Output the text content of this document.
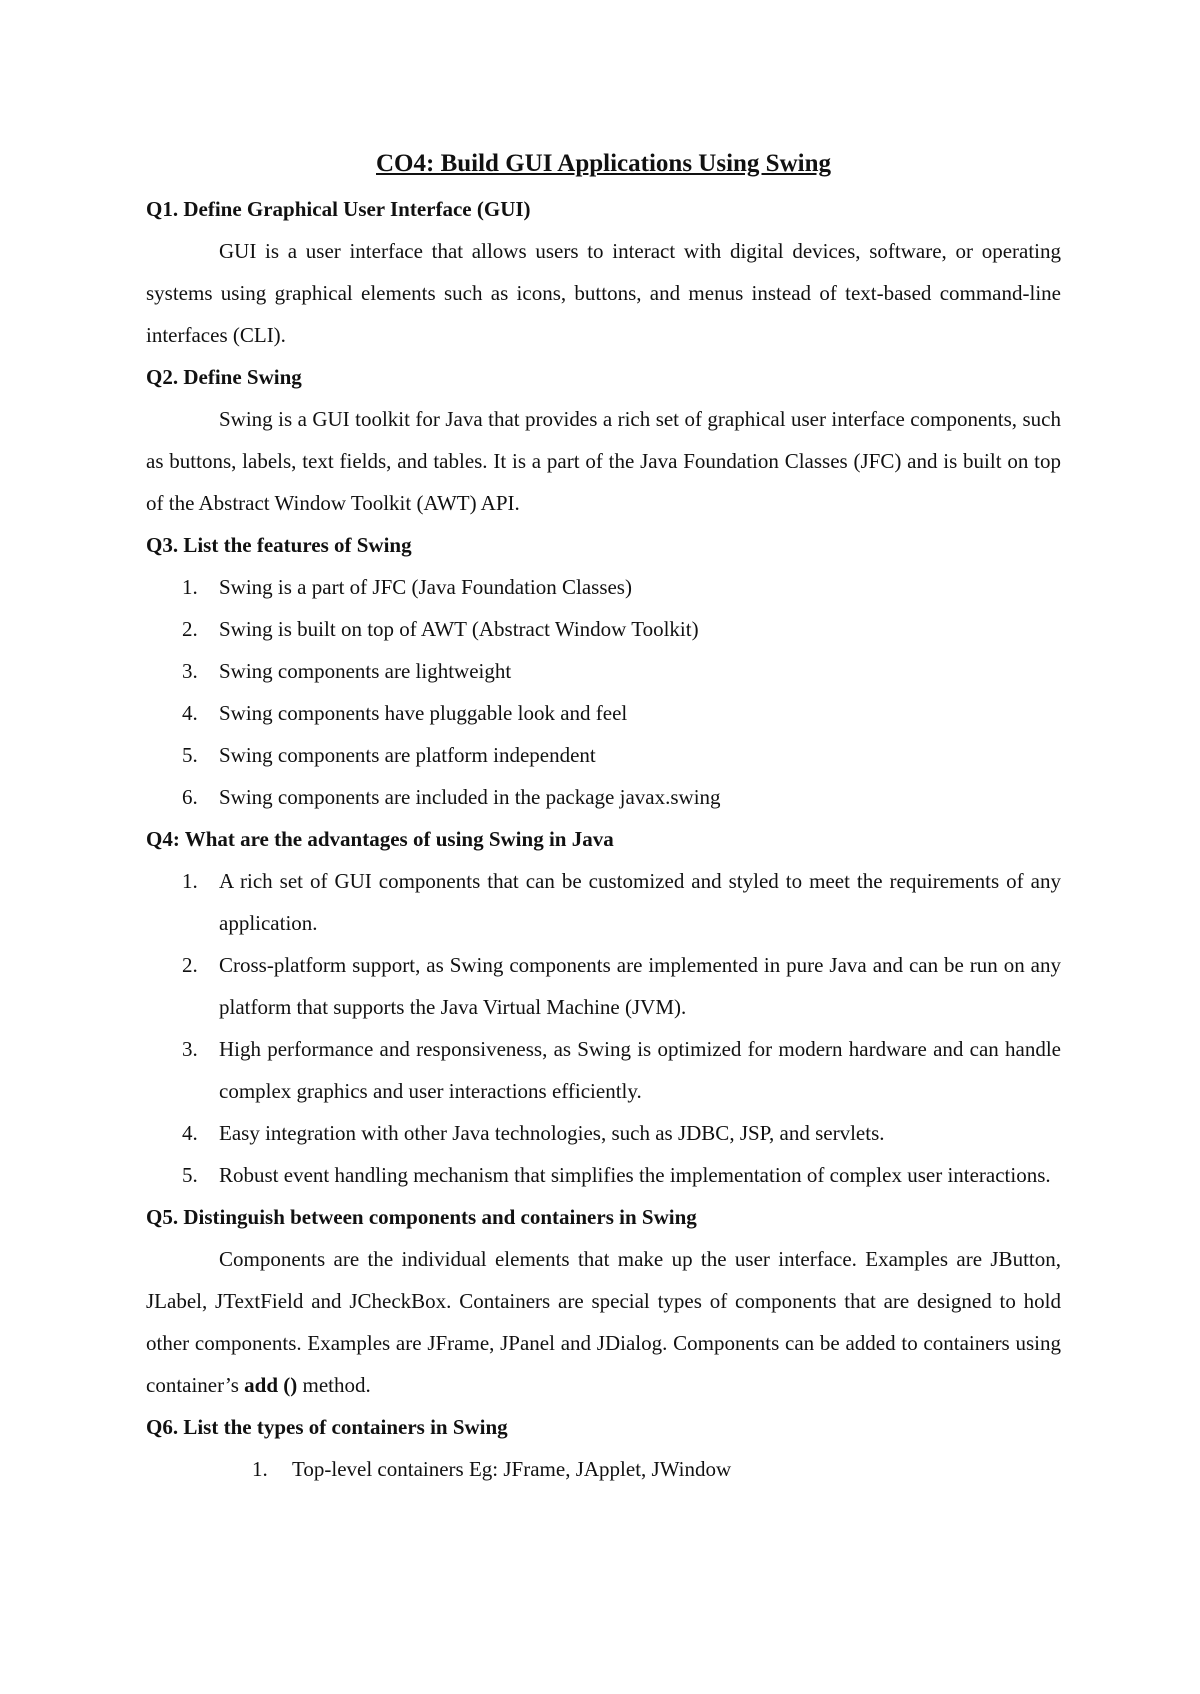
CO4: Build GUI Applications Using Swing

Q1. Define Graphical User Interface (GUI)

GUI is a user interface that allows users to interact with digital devices, software, or operating systems using graphical elements such as icons, buttons, and menus instead of text-based command-line interfaces (CLI).

Q2. Define Swing

Swing is a GUI toolkit for Java that provides a rich set of graphical user interface components, such as buttons, labels, text fields, and tables. It is a part of the Java Foundation Classes (JFC) and is built on top of the Abstract Window Toolkit (AWT) API.

Q3. List the features of Swing

1. Swing is a part of JFC (Java Foundation Classes)
2. Swing is built on top of AWT (Abstract Window Toolkit)
3. Swing components are lightweight
4. Swing components have pluggable look and feel
5. Swing components are platform independent
6. Swing components are included in the package javax.swing

Q4: What are the advantages of using Swing in Java

1. A rich set of GUI components that can be customized and styled to meet the requirements of any application.
2. Cross-platform support, as Swing components are implemented in pure Java and can be run on any platform that supports the Java Virtual Machine (JVM).
3. High performance and responsiveness, as Swing is optimized for modern hardware and can handle complex graphics and user interactions efficiently.
4. Easy integration with other Java technologies, such as JDBC, JSP, and servlets.
5. Robust event handling mechanism that simplifies the implementation of complex user interactions.

Q5. Distinguish between components and containers in Swing

Components are the individual elements that make up the user interface. Examples are JButton, JLabel, JTextField and JCheckBox. Containers are special types of components that are designed to hold other components. Examples are JFrame, JPanel and JDialog. Components can be added to containers using container’s add () method.

Q6. List the types of containers in Swing

1. Top-level containers Eg: JFrame, JApplet, JWindow
